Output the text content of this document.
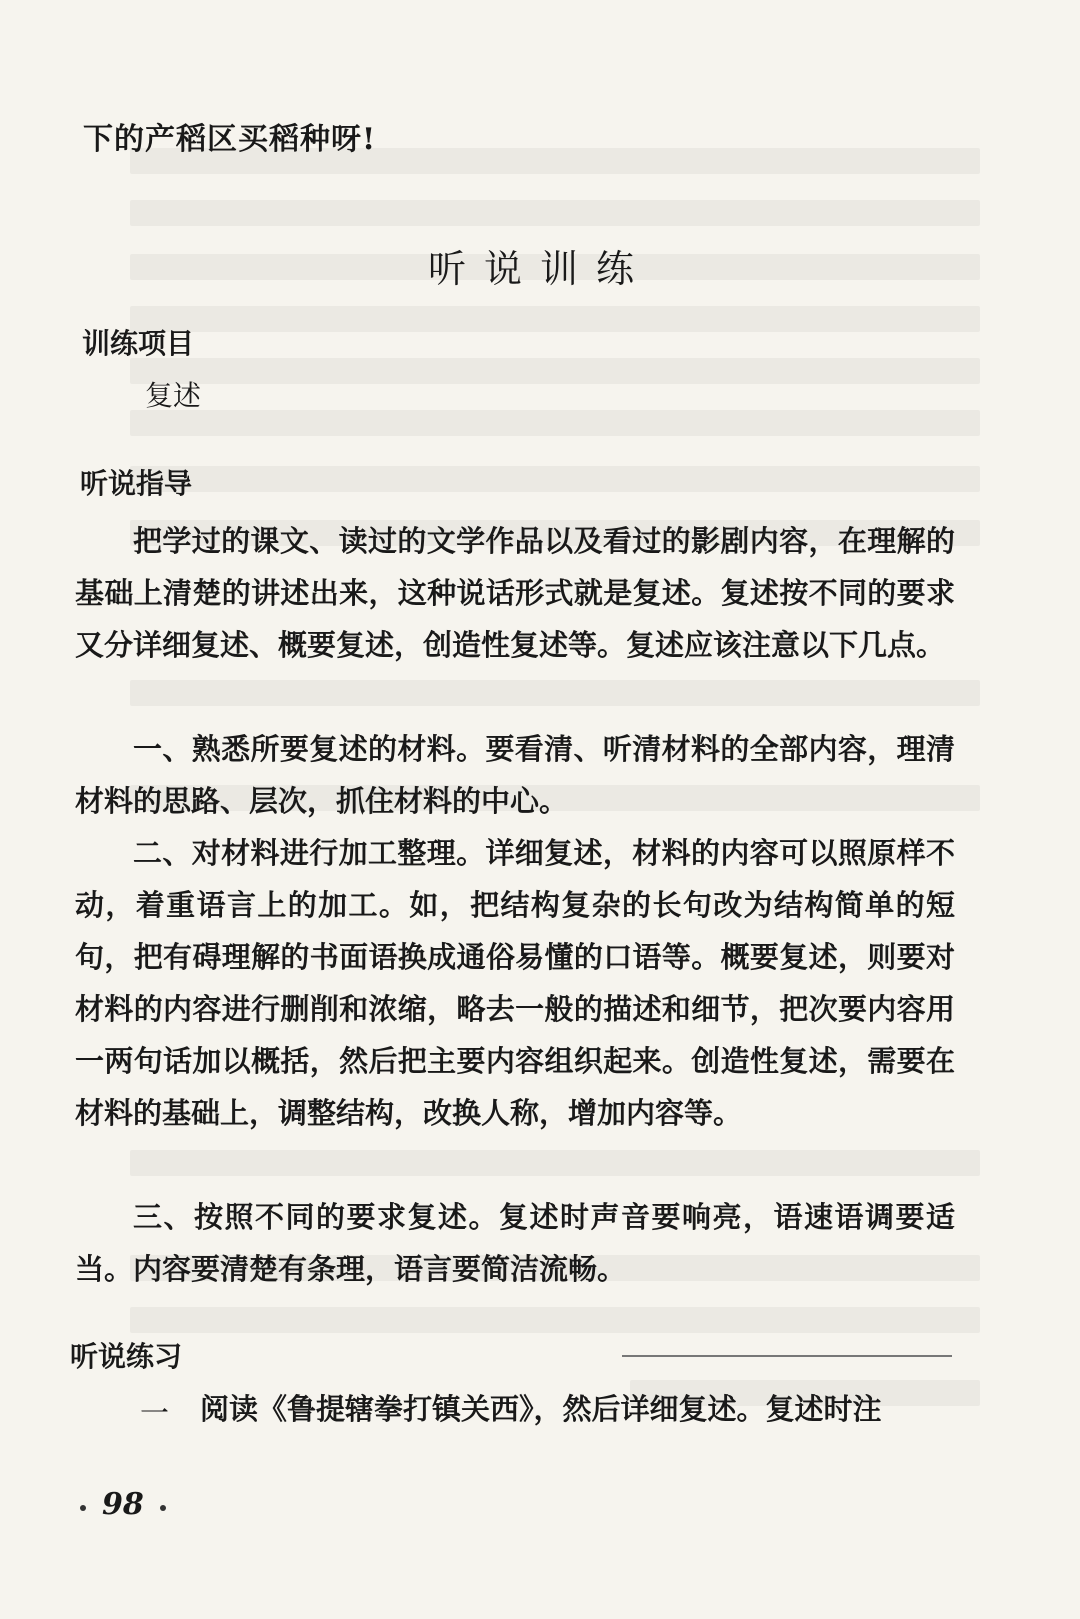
下的产稻区买稻种呀!

听说训练

训练项目

复述

听说指导

把学过的课文、读过的文学作品以及看过的影剧内容，在理解的基础上清楚的讲述出来，这种说话形式就是复述。复述按不同的要求又分详细复述、概要复述，创造性复述等。复述应该注意以下几点。

一、熟悉所要复述的材料。要看清、听清材料的全部内容，理清材料的思路、层次，抓住材料的中心。

二、对材料进行加工整理。详细复述，材料的内容可以照原样不动，着重语言上的加工。如，把结构复杂的长句改为结构简单的短句，把有碍理解的书面语换成通俗易懂的口语等。概要复述，则要对材料的内容进行删削和浓缩，略去一般的描述和细节，把次要内容用一两句话加以概括，然后把主要内容组织起来。创造性复述，需要在材料的基础上，调整结构，改换人称，增加内容等。

三、按照不同的要求复述。复述时声音要响亮，语速语调要适当。内容要清楚有条理，语言要简洁流畅。

听说练习

一 阅读《鲁提辖拳打镇关西》，然后详细复述。复述时注

98
